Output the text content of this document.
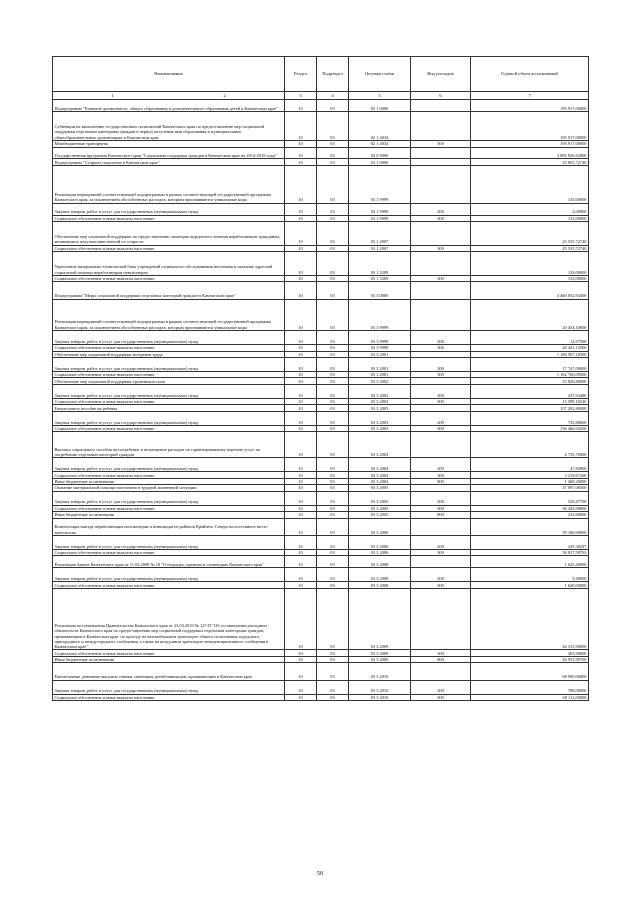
Наименование	Раздел	Подраздел	Целевая статья	Вид расходов	Годовой объем ассигнований
1 2	3	4	5	6	7
Подпрограмма "Развитие дошкольного, общего образования и дополнительного образования детей в Камчатском крае"	10	03	02 1 0000		195 917,00000
Субвенции на выполнение государственных полномочий Камчатского края по предоставлению мер социальной поддержки отдельным категориям граждан в период получения ими образования в муниципальных общеобразовательных организациях в Камчатском крае	10	03	02 1 4034		195 917,00000
Межбюджетные трансферты	10	03	02 1 4034	500	195 917,00000
Государственная программа Камчатского края "Социальная поддержка граждан в Камчатском крае на 2014-2018 годы"	10	03	03 0 0000		3 885 836,65800
Подпрограмма "Старшее поколение в Камчатском крае"	10	03	03 1 0000		25 803,72740
Реализация мероприятий соответствующей подпрограммы в рамках соответствующей государственной программы Камчатского края, за исключением обособленных расходов, которым присваиваются уникальные коды	10	03	03 1 9999		135,00000
Закупка товаров, работ и услуг для государственных (муниципальных) нужд	10	03	03 1 9999	200	2,00000
Социальное обеспечение и иные выплаты населению	10	03	03 1 9999	300	133,00000
Обеспечение мер социальной поддержки по предоставлению санаторно-курортного лечения неработающим гражданам, являющимся получателями пенсий по старости	10	03	03 1 2007		25 535,72740
Социальное обеспечение и иные выплаты населению	10	03	03 1 2007	300	25 535,72740
Укрепление материально-технической базы учреждений социального обслуживания населения и оказание адресной социальной помощи неработающим пенсионерам	10	03	03 1 5209		133,00000
Социальное обеспечение и иные выплаты населению	10	03	03 1 5209	300	133,00000
Подпрограмма "Меры социальной поддержки отдельных категорий граждан в Камчатском крае"	10	03	03 3 0000		3 460 052,93400
Реализация мероприятий соответствующей подпрограммы в рамках соответствующей государственной программы Камчатского края, за исключением обособленных расходов, которым присваиваются уникальные коды	10	03	03 3 9999		20 454,10000
Закупка товаров, работ и услуг для государственных (муниципальных) нужд	10	03	03 3 9999	200	12,97500
Социальное обеспечение и иные выплаты населению	10	03	03 3 9999	300	20 441,12500
Обеспечение мер социальной поддержки ветеранов труда	10	03	03 3 2001		1 180 507,18500
Закупка товаров, работ и услуг для государственных (муниципальных) нужд	10	03	03 3 2001	200	17 747,09000
Социальное обеспечение и иные выплаты населению	10	03	03 3 2001	300	1 162 760,09500
Обеспечение мер социальной поддержки тружеников тыла	10	03	03 3 2002		15 826,80000
Закупка товаров, работ и услуг для государственных (муниципальных) нужд	10	03	03 3 2002	200	237,63480
Социальное обеспечение и иные выплаты населению	10	03	03 3 2002	300	15 589,16520
Ежемесячное пособие на ребенка	10	03	03 3 2003		157 202,80000
Закупка товаров, работ и услуг для государственных (муниципальных) нужд	10	03	03 3 2003	200	735,86800
Социальное обеспечение и иные выплаты населению	10	03	03 3 2003	300	156 466,93200
Выплата социального пособия на погребение и возмещение расходов по гарантированному перечню услуг по погребению отдельных категорий граждан	10	03	03 3 2004		4 735,70000
Закупка товаров, работ и услуг для государственных (муниципальных) нужд	10	03	03 3 2004	200	47,82800
Социальное обеспечение и иные выплаты населению	10	03	03 3 2004	300	3 219,67200
Иные бюджетные ассигнования	10	03	03 3 2004	800	1 468,20000
Оказание материальной помощи населению в трудной жизненной ситуации	10	03	03 3 2005		37 097,06500
Закупка товаров, работ и услуг для государственных (муниципальных) нужд	10	03	03 3 2005	200	528,47700
Социальное обеспечение и иные выплаты населению	10	03	03 3 2005	300	36 345,98800
Иные бюджетные ассигнования	10	03	03 3 2005	800	232,60000
Компенсация выезда неработающим пенсионерам и инвалидам из районов Крайнего Севера на постоянное место жительства	10	03	03 3 2006		59 106,90000
Закупка товаров, работ и услуг для государственных (муниципальных) нужд	10	03	03 3 2006	200	239,30297
Социальное обеспечение и иные выплаты населению	10	03	03 3 2006	300	58 817,59703
Реализация Закона Камчатского края от 11.03.2008 № 18 "О наградах, премиях и стипендиях Камчатского края"	10	03	03 3 2008		1 625,40000
Закупка товаров, работ и услуг для государственных (муниципальных) нужд	10	03	03 3 2008	200	5,40000
Социальное обеспечение и иные выплаты населению	10	03	03 3 2008	300	1 620,00000
Реализация постановления Правительства Камчатского края от 23.03.2010 № 127-П "Об установлении расходных обязательств Камчатского края по предоставлению мер социальной поддержки отдельным категориям граждан, проживающим в Камчатском крае, по проезду на автомобильном транспорте общего пользования городского, пригородного и междугородного сообщения, а также на воздушном транспорте межмуниципального сообщения в Камчатском крае"	10	03	03 3 2009		44 315,90000
Социальное обеспечение и иные выплаты населению	10	03	03 3 2009	300	363,90000
Иные бюджетные ассигнования	10	03	03 3 2009	800	43 951,99700
Ежемесячные денежные выплаты семьям, имеющим детей-инвалидов, проживающим в Камчатском крае	10	03	03 3 2010		68 900,00000
Закупка товаров, работ и услуг для государственных (муниципальных) нужд	10	03	03 3 2010	200	788,00000
Социальное обеспечение и иные выплаты населению	10	03	03 3 2010	300	68 112,00000
50
